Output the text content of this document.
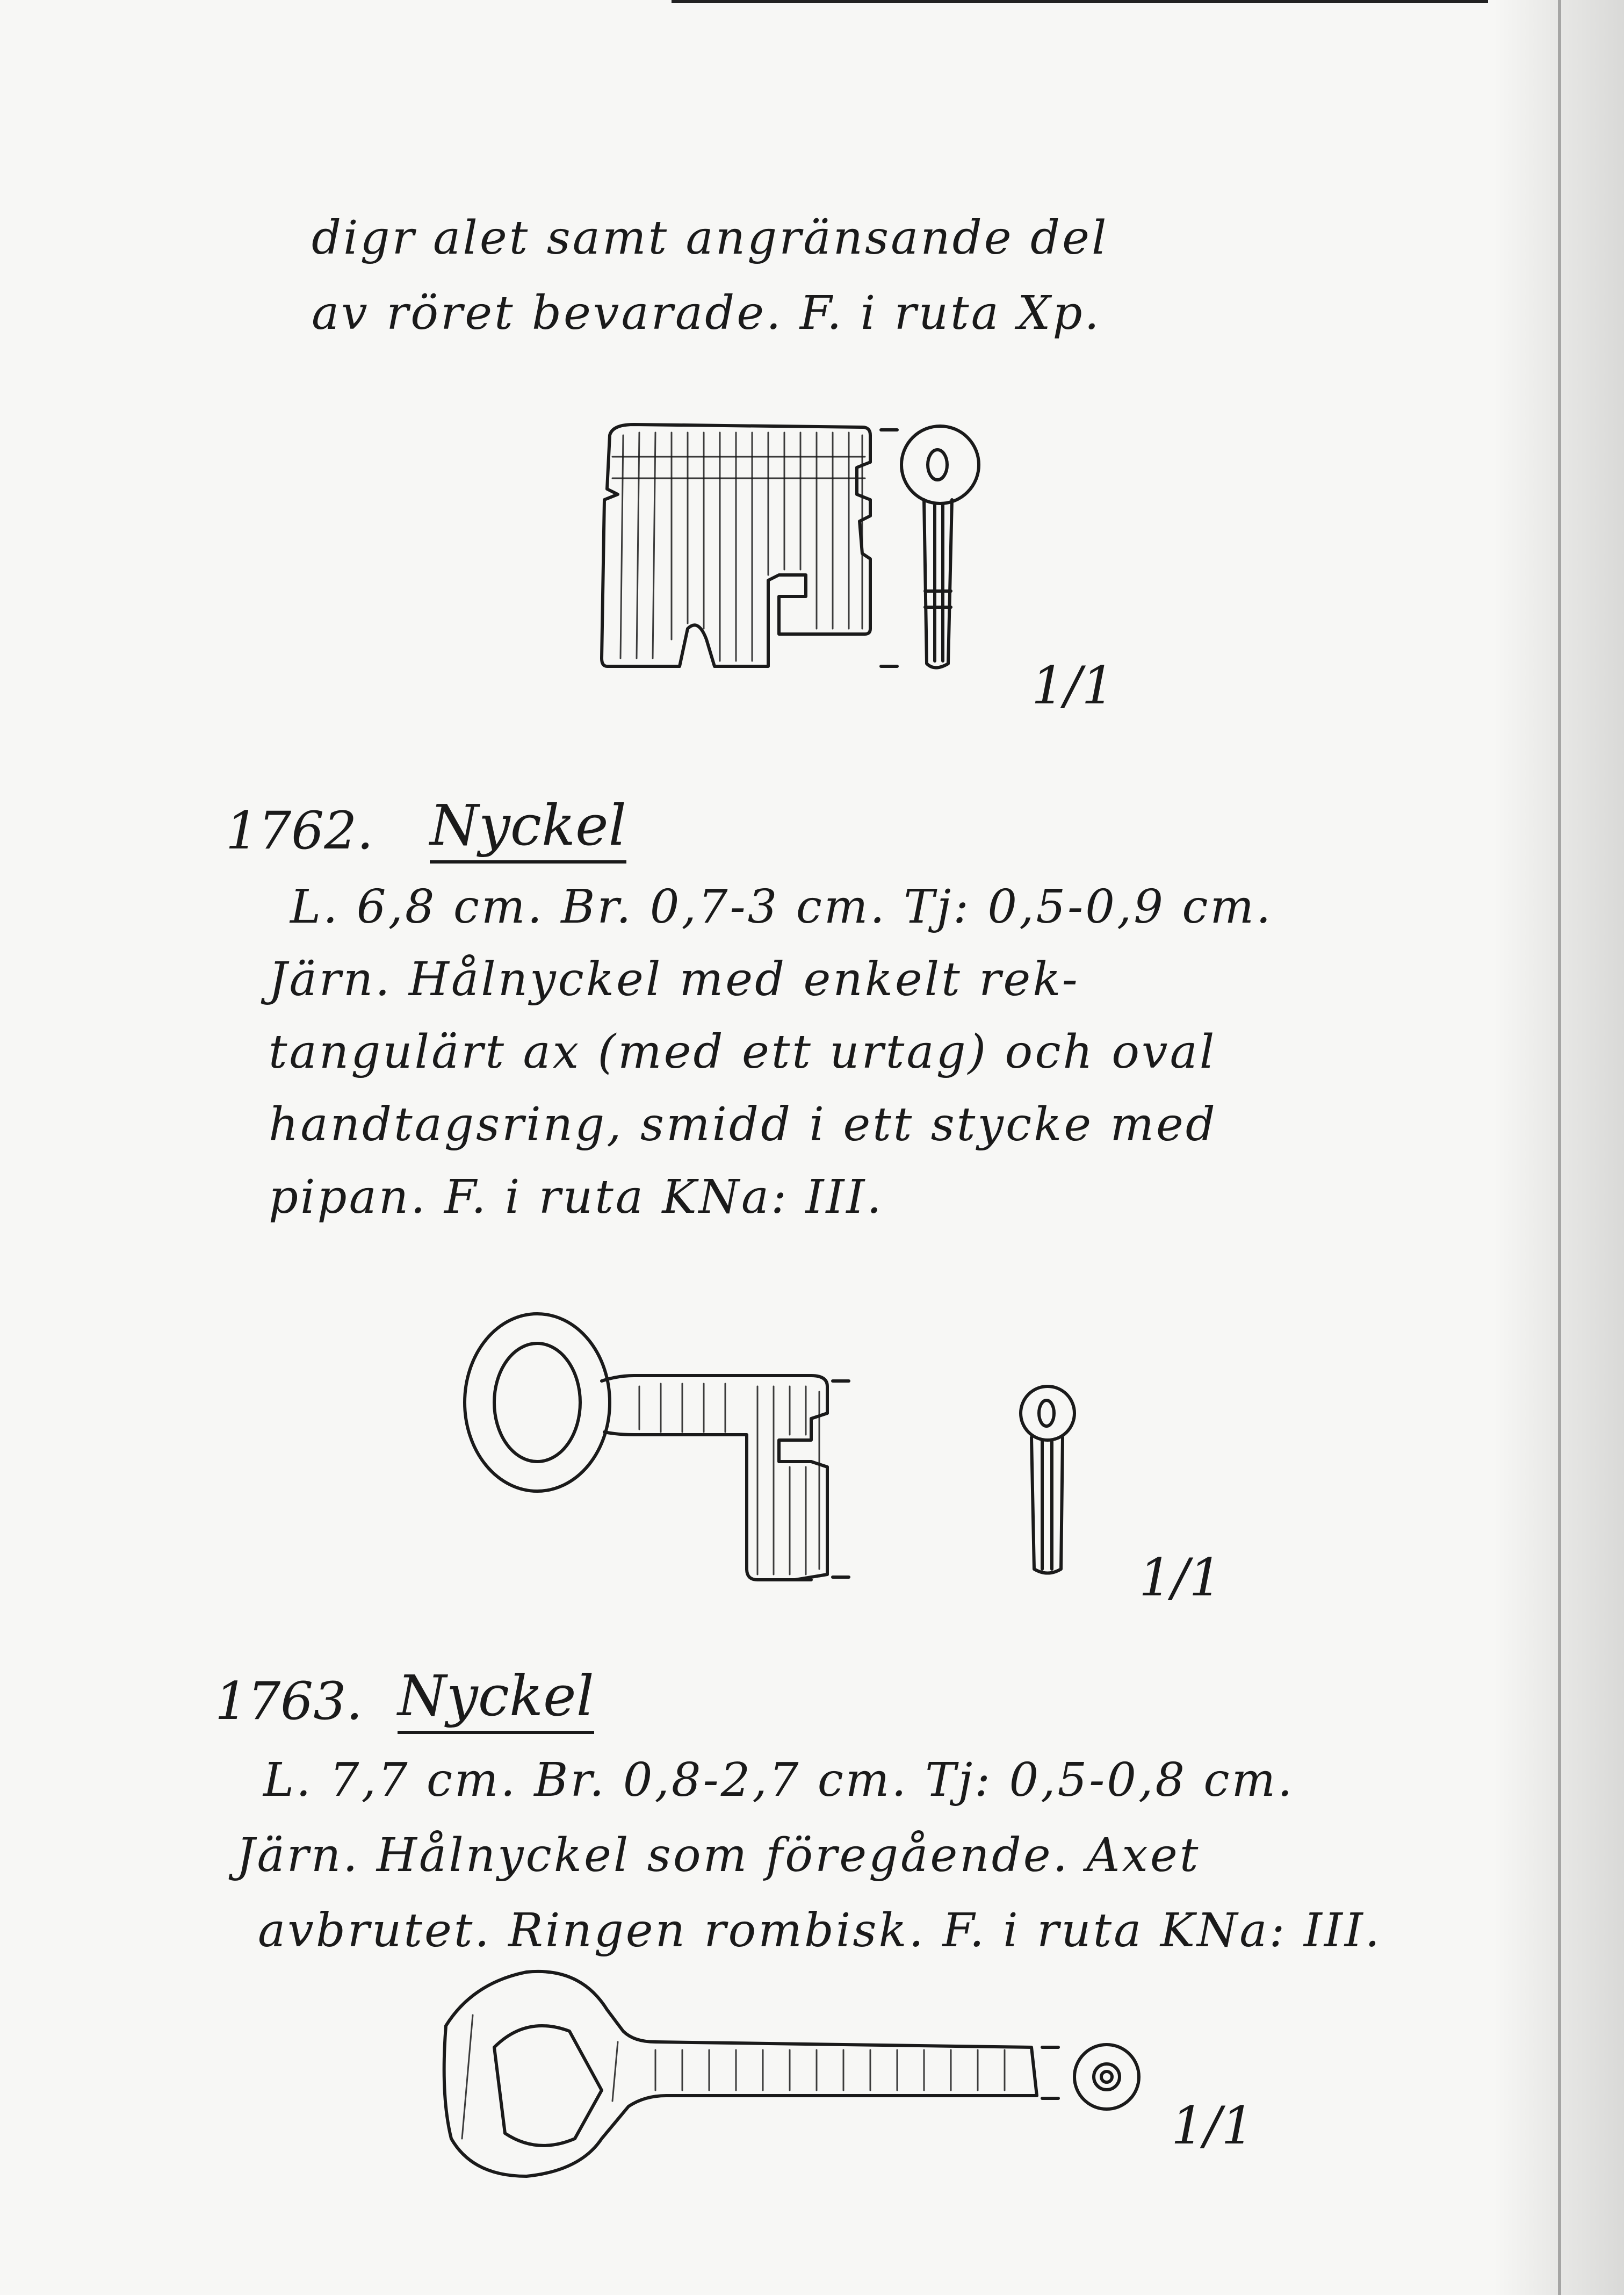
digr alet samt angränsande del
av röret bevarade. F. i ruta Xp.
1/1
1762. Nyckel
L. 6,8 cm. Br. 0,7-3 cm. Tj: 0,5-0,9 cm.
Järn. Hålnyckel med enkelt rek-
tangulärt ax (med ett urtag) och oval
handtagsring, smidd i ett stycke med
pipan. F. i ruta KNa: III.
1/1
1763. Nyckel
L. 7,7 cm. Br. 0,8-2,7 cm. Tj: 0,5-0,8 cm.
Järn. Hålnyckel som föregående. Axet
avbrutet. Ringen rombisk. F. i ruta KNa: III.
1/1
